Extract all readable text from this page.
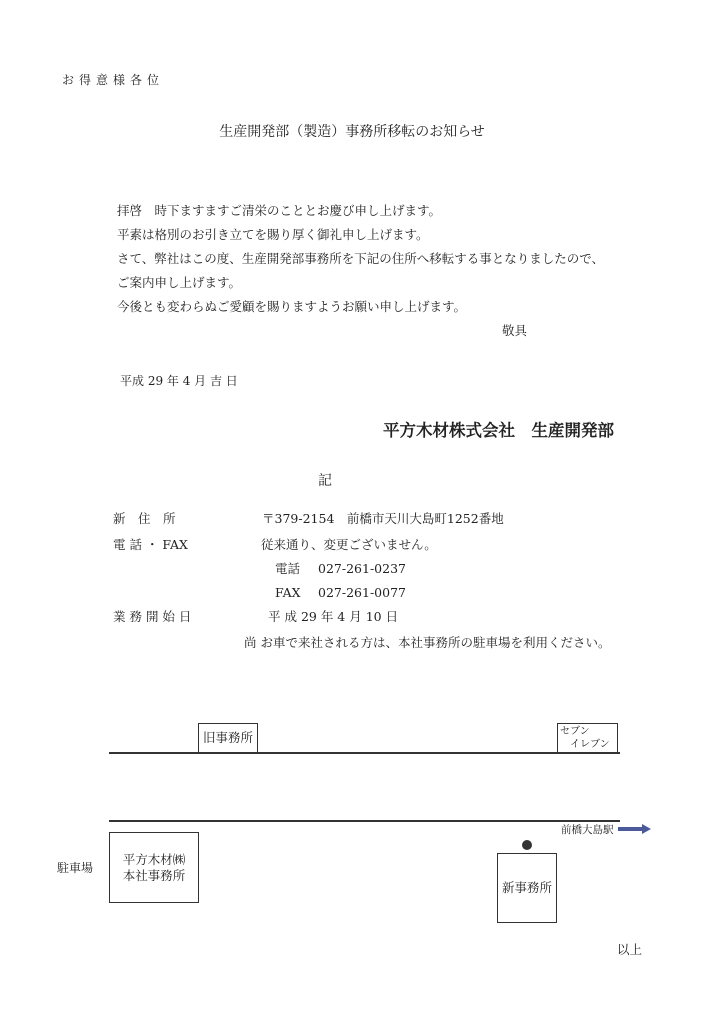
お得意様各位
生産開発部（製造）事務所移転のお知らせ
拝啓　時下ますますご清栄のこととお慶び申し上げます。
平素は格別のお引き立てを賜り厚く御礼申し上げます。
さて、弊社はこの度、生産開発部事務所を下記の住所へ移転する事となりましたので、
ご案内申し上げます。
今後とも変わらぬご愛顧を賜りますようお願い申し上げます。
敬具
平成 29 年 4 月 吉 日
平方木材株式会社　生産開発部
記
新　住　所	〒379-2154　前橋市天川大島町1252番地
電 話 ・ FAX	従来通り、変更ございません。
電話 027-261-0237
FAX 027-261-0077
業 務 開 始 日	平 成 29 年 4 月 10 日
尚 お車で来社される方は、本社事務所の駐車場を利用ください。
旧事務所	セブン
イレブン
前橋大島駅
駐車場
平方木材㈱
本社事務所
新事務所
以上
